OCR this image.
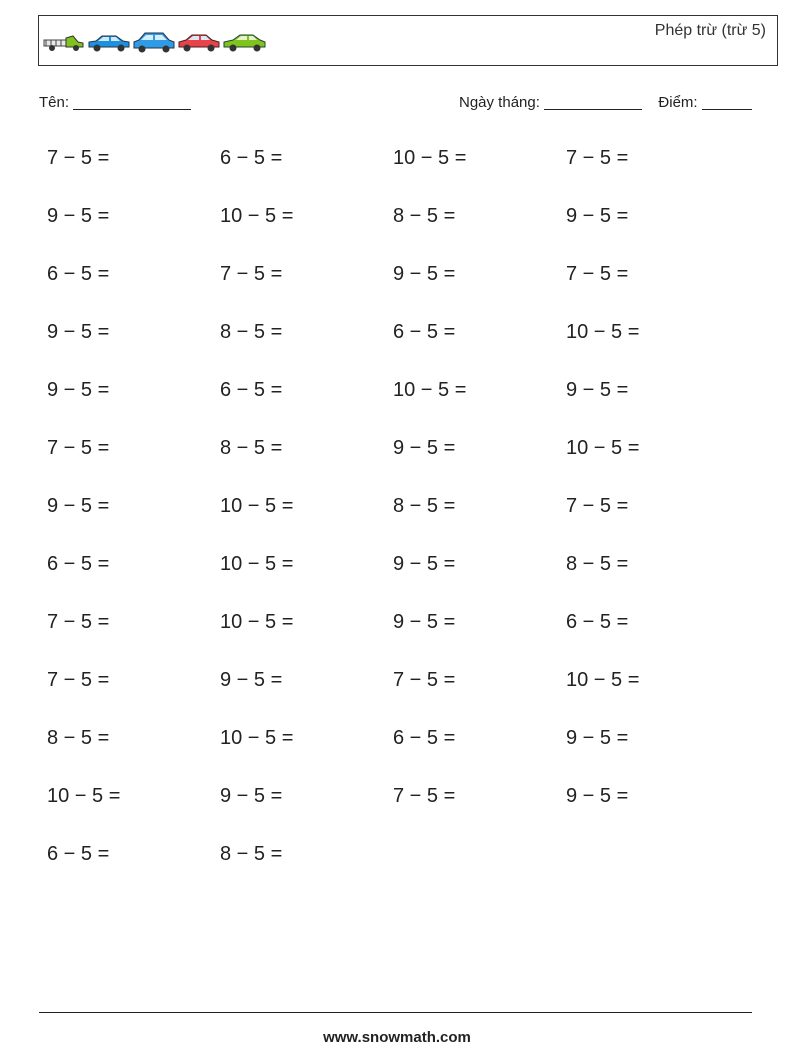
Phép trừ (trừ 5)
Tên:	Ngày tháng:	Điểm:
7 − 5 =	6 − 5 =	10 − 5 =	7 − 5 =
9 − 5 =	10 − 5 =	8 − 5 =	9 − 5 =
6 − 5 =	7 − 5 =	9 − 5 =	7 − 5 =
9 − 5 =	8 − 5 =	6 − 5 =	10 − 5 =
9 − 5 =	6 − 5 =	10 − 5 =	9 − 5 =
7 − 5 =	8 − 5 =	9 − 5 =	10 − 5 =
9 − 5 =	10 − 5 =	8 − 5 =	7 − 5 =
6 − 5 =	10 − 5 =	9 − 5 =	8 − 5 =
7 − 5 =	10 − 5 =	9 − 5 =	6 − 5 =
7 − 5 =	9 − 5 =	7 − 5 =	10 − 5 =
8 − 5 =	10 − 5 =	6 − 5 =	9 − 5 =
10 − 5 =	9 − 5 =	7 − 5 =	9 − 5 =
6 − 5 =	8 − 5 =
www.snowmath.com
